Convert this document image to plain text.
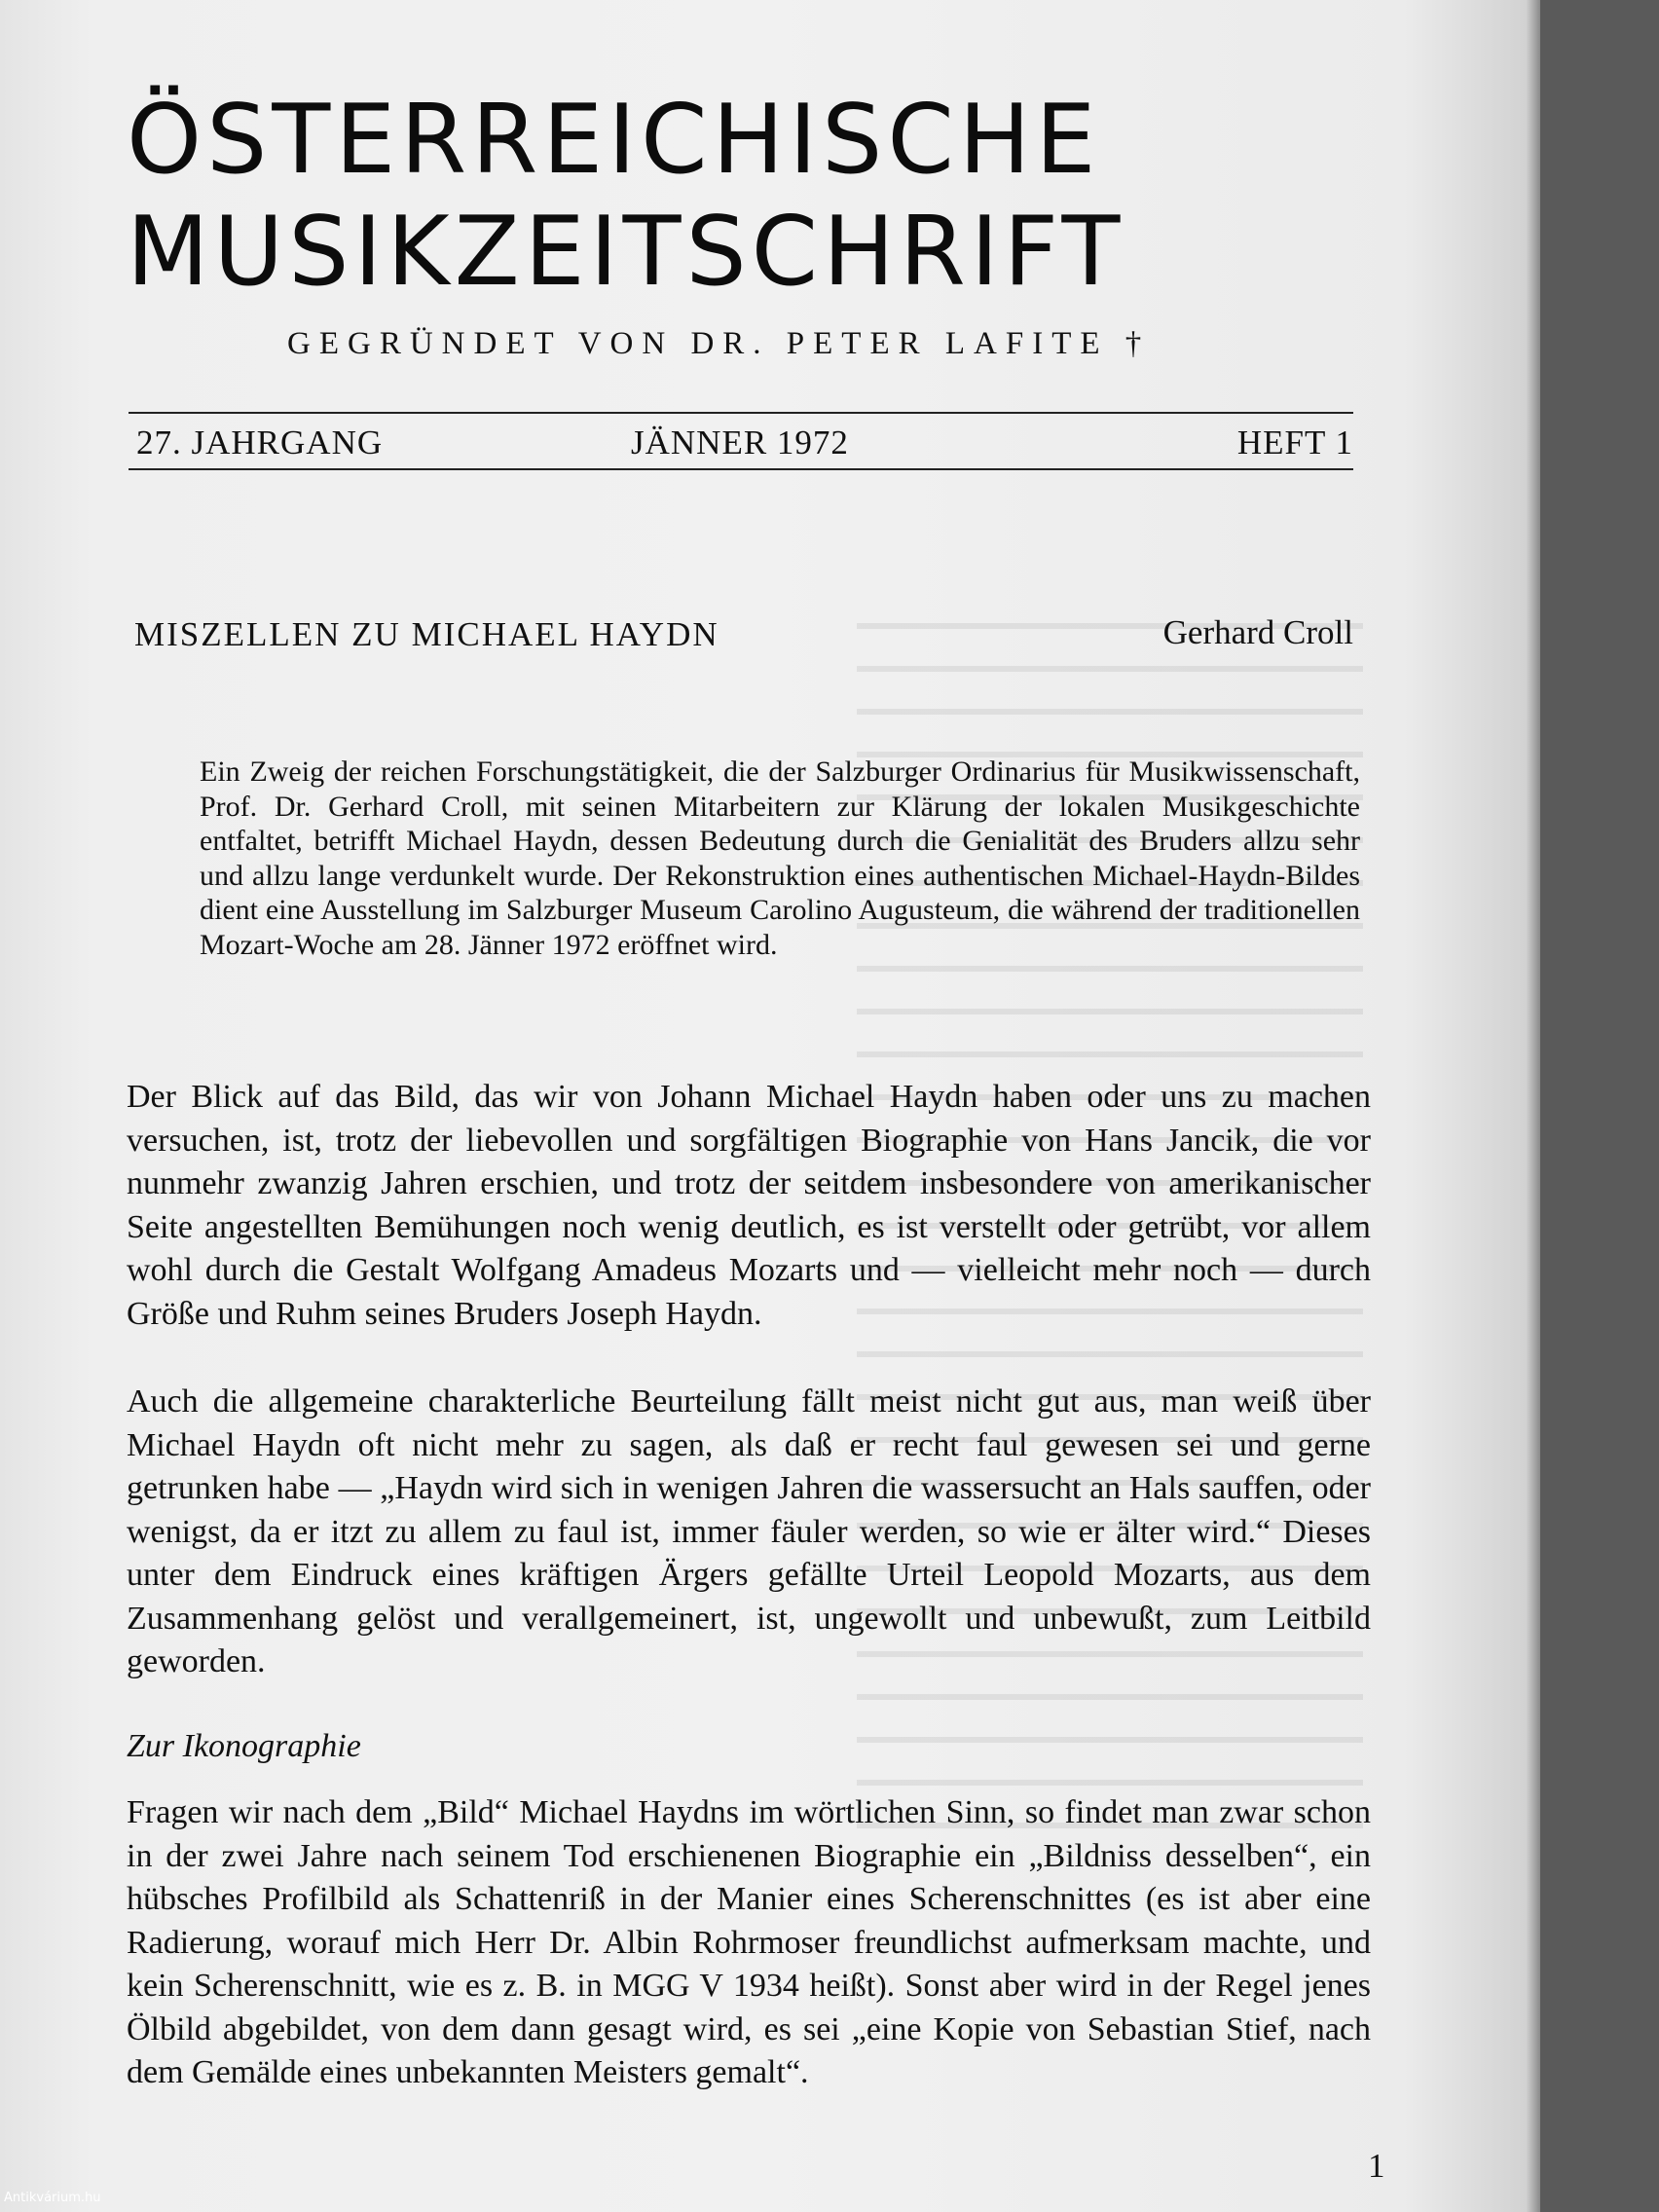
ÖSTERREICHISCHE
MUSIKZEITSCHRIFT
GEGRÜNDET VON DR. PETER LAFITE †
27. JAHRGANG	JÄNNER 1972	HEFT 1
MISZELLEN ZU MICHAEL HAYDN	Gerhard Croll

Ein Zweig der reichen Forschungstätigkeit, die der Salzburger Ordinarius für Musikwissenschaft, Prof. Dr. Gerhard Croll, mit seinen Mitarbeitern zur Klärung der lokalen Musikgeschichte entfaltet, betrifft Michael Haydn, dessen Bedeutung durch die Genialität des Bruders allzu sehr und allzu lange verdunkelt wurde. Der Rekonstruktion eines authentischen Michael-Haydn-Bildes dient eine Ausstellung im Salzburger Museum Carolino Augusteum, die während der traditionellen Mozart-Woche am 28. Jänner 1972 eröffnet wird.

Der Blick auf das Bild, das wir von Johann Michael Haydn haben oder uns zu machen versuchen, ist, trotz der liebevollen und sorgfältigen Biographie von Hans Jancik, die vor nunmehr zwanzig Jahren erschien, und trotz der seitdem insbesondere von amerikanischer Seite angestellten Bemühungen noch wenig deutlich, es ist verstellt oder getrübt, vor allem wohl durch die Gestalt Wolfgang Amadeus Mozarts und — vielleicht mehr noch — durch Größe und Ruhm seines Bruders Joseph Haydn.

Auch die allgemeine charakterliche Beurteilung fällt meist nicht gut aus, man weiß über Michael Haydn oft nicht mehr zu sagen, als daß er recht faul gewesen sei und gerne getrunken habe — „Haydn wird sich in wenigen Jahren die wassersucht an Hals sauffen, oder wenigst, da er itzt zu allem zu faul ist, immer fäuler werden, so wie er älter wird.“ Dieses unter dem Eindruck eines kräftigen Ärgers gefällte Urteil Leopold Mozarts, aus dem Zusammenhang gelöst und verallgemeinert, ist, ungewollt und unbewußt, zum Leitbild geworden.

Zur Ikonographie

Fragen wir nach dem „Bild“ Michael Haydns im wörtlichen Sinn, so findet man zwar schon in der zwei Jahre nach seinem Tod erschienenen Biographie ein „Bildniss desselben“, ein hübsches Profilbild als Schattenriß in der Manier eines Scherenschnittes (es ist aber eine Radierung, worauf mich Herr Dr. Albin Rohrmoser freundlichst aufmerksam machte, und kein Scherenschnitt, wie es z. B. in MGG V 1934 heißt). Sonst aber wird in der Regel jenes Ölbild abgebildet, von dem dann gesagt wird, es sei „eine Kopie von Sebastian Stief, nach dem Gemälde eines unbekannten Meisters gemalt“.

1
Antikvárium.hu
